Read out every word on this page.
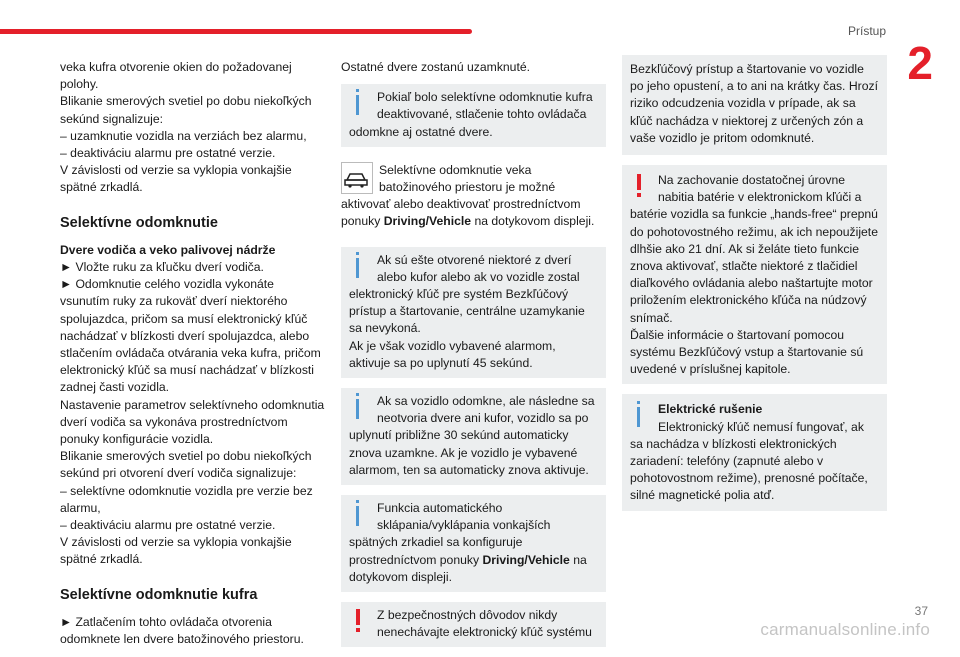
Prístup
2

veka kufra otvorenie okien do požadovanej polohy.

Blikanie smerových svetiel po dobu niekoľkých sekúnd signalizuje:

– uzamknutie vozidla na verziách bez alarmu,

– deaktiváciu alarmu pre ostatné verzie.

V závislosti od verzie sa vyklopia vonkajšie spätné zrkadlá.

Selektívne odomknutie

Dvere vodiča a veko palivovej nádrže

► Vložte ruku za kľučku dverí vodiča.

► Odomknutie celého vozidla vykonáte vsunutím ruky za rukoväť dverí niektorého spolujazdca, pričom sa musí elektronický kľúč nachádzať v blízkosti dverí spolujazdca, alebo stlačením ovládača otvárania veka kufra, pričom elektronický kľúč sa musí nachádzať v blízkosti zadnej časti vozidla.

Nastavenie parametrov selektívneho odomknutia dverí vodiča sa vykonáva prostredníctvom ponuky konfigurácie vozidla.

Blikanie smerových svetiel po dobu niekoľkých sekúnd pri otvorení dverí vodiča signalizuje:

– selektívne odomknutie vozidla pre verzie bez alarmu,

– deaktiváciu alarmu pre ostatné verzie.

V závislosti od verzie sa vyklopia vonkajšie spätné zrkadlá.

Selektívne odomknutie kufra

► Zatlačením tohto ovládača otvorenia odomknete len dvere batožinového priestoru.

Ostatné dvere zostanú uzamknuté.

Pokiaľ bolo selektívne odomknutie kufra deaktivované, stlačenie tohto ovládača odomkne aj ostatné dvere.
Selektívne odomknutie veka batožinového priestoru je možné aktivovať alebo deaktivovať prostredníctvom ponuky Driving/Vehicle na dotykovom displeji.
Ak sú ešte otvorené niektoré z dverí alebo kufor alebo ak vo vozidle zostal elektronický kľúč pre systém Bezkľúčový prístup a štartovanie, centrálne uzamykanie sa nevykoná.
Ak je však vozidlo vybavené alarmom, aktivuje sa po uplynutí 45 sekúnd.
Ak sa vozidlo odomkne, ale následne sa neotvoria dvere ani kufor, vozidlo sa po uplynutí približne 30 sekúnd automaticky znova uzamkne. Ak je vozidlo je vybavené alarmom, ten sa automaticky znova aktivuje.
Funkcia automatického sklápania/vyklápania vonkajších spätných zrkadiel sa konfiguruje prostredníctvom ponuky Driving/Vehicle na dotykovom displeji.
Z bezpečnostných dôvodov nikdy nenechávajte elektronický kľúč systému
Bezkľúčový prístup a štartovanie vo vozidle po jeho opustení, a to ani na krátky čas. Hrozí riziko odcudzenia vozidla v prípade, ak sa kľúč nachádza v niektorej z určených zón a vaše vozidlo je pritom odomknuté.
Na zachovanie dostatočnej úrovne nabitia batérie v elektronickom kľúči a batérie vozidla sa funkcie „hands-free“ prepnú do pohotovostného režimu, ak ich nepoužijete dlhšie ako 21 dní. Ak si želáte tieto funkcie znova aktivovať, stlačte niektoré z tlačidiel diaľkového ovládania alebo naštartujte motor priložením elektronického kľúča na núdzový snímač.
Ďalšie informácie o štartovaní pomocou systému Bezkľúčový vstup a štartovanie sú uvedené v príslušnej kapitole.
Elektrické rušenie
Elektronický kľúč nemusí fungovať, ak sa nachádza v blízkosti elektronických zariadení: telefóny (zapnuté alebo v pohotovostnom režime), prenosné počítače, silné magnetické polia atď.
37
carmanualsonline.info
